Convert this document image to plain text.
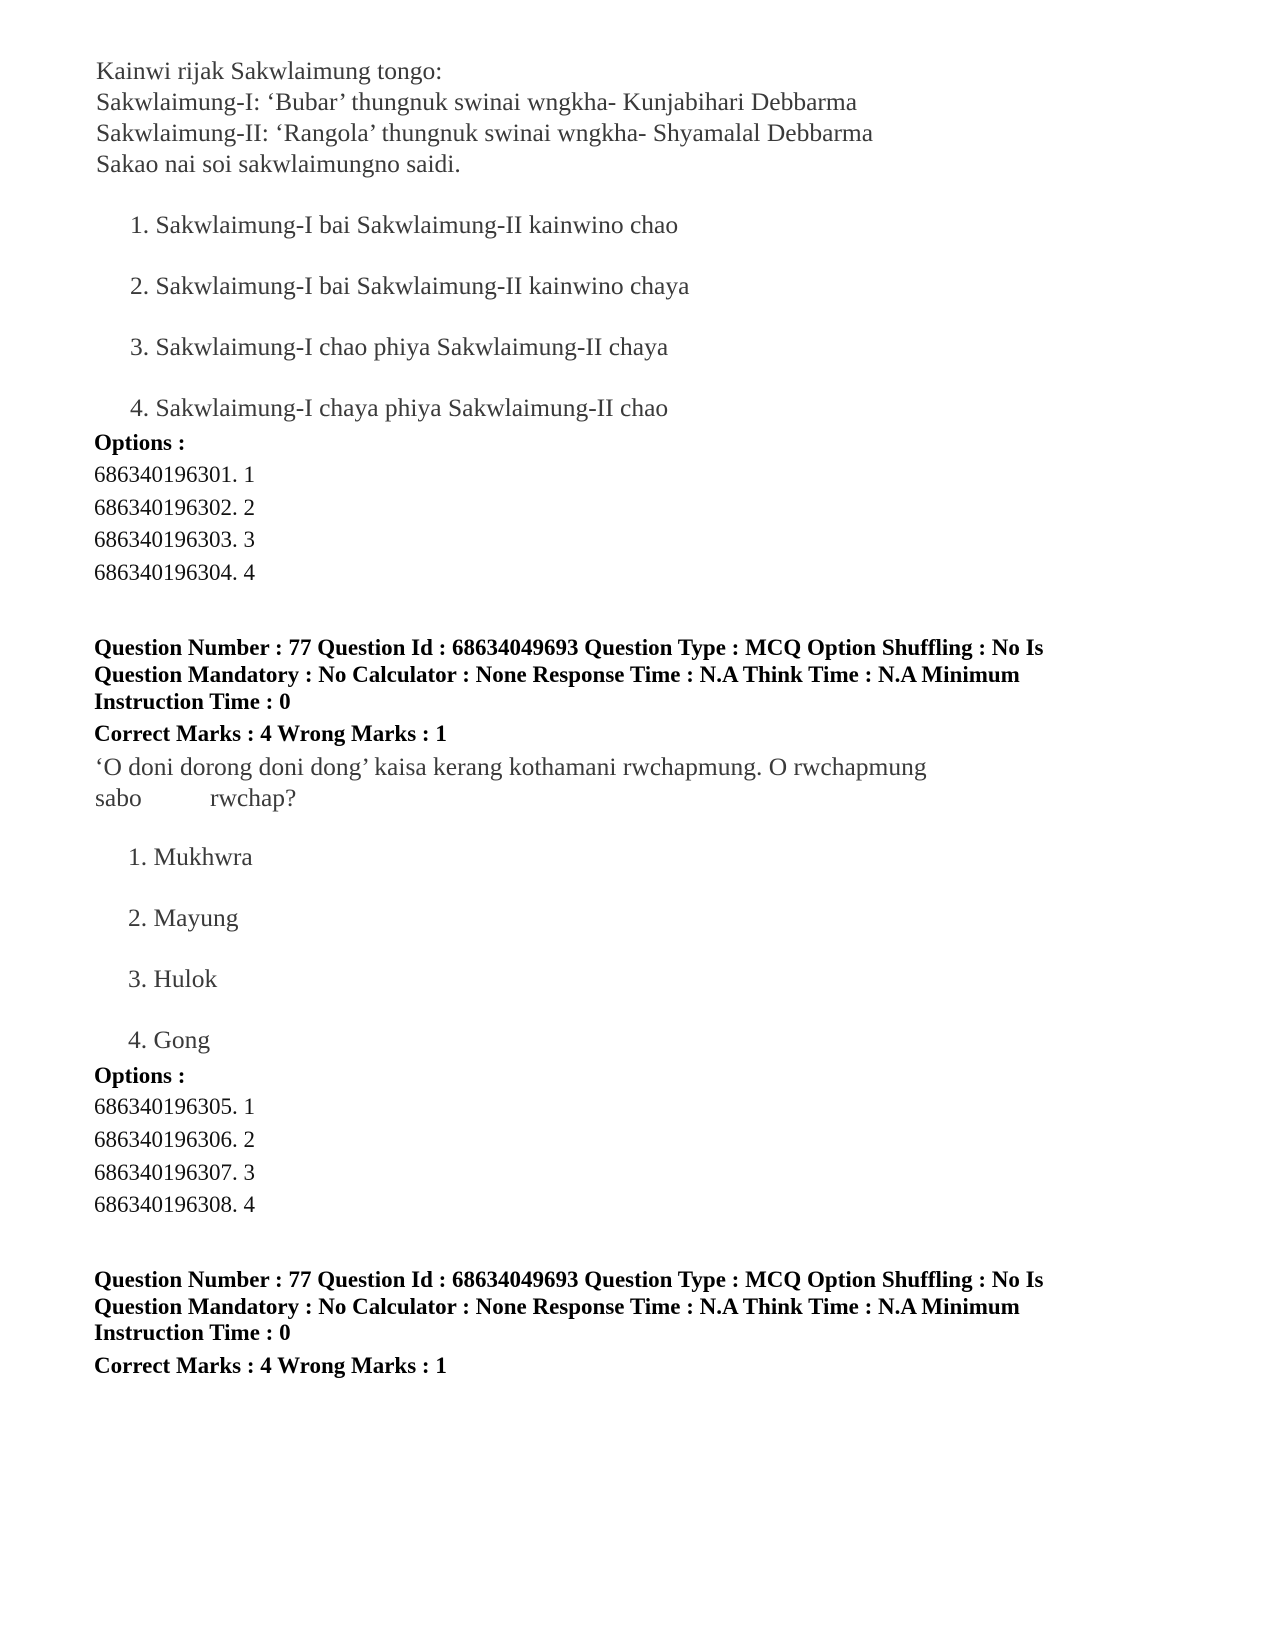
Kainwi rijak Sakwlaimung tongo:
Sakwlaimung-I: ‘Bubar’ thungnuk swinai wngkha- Kunjabihari Debbarma
Sakwlaimung-II: ‘Rangola’ thungnuk swinai wngkha- Shyamalal Debbarma
Sakao nai soi sakwlaimungno saidi.
1. Sakwlaimung-I bai Sakwlaimung-II kainwino chao
2. Sakwlaimung-I bai Sakwlaimung-II kainwino chaya
3. Sakwlaimung-I chao phiya Sakwlaimung-II chaya
4. Sakwlaimung-I chaya phiya Sakwlaimung-II chao
Options :
686340196301. 1
686340196302. 2
686340196303. 3
686340196304. 4
Question Number : 77 Question Id : 68634049693 Question Type : MCQ Option Shuffling : No Is
Question Mandatory : No Calculator : None Response Time : N.A Think Time : N.A Minimum
Instruction Time : 0
Correct Marks : 4 Wrong Marks : 1
‘O doni dorong doni dong’ kaisa kerang kothamani rwchapmung. O rwchapmung
sabo	rwchap?
1. Mukhwra
2. Mayung
3. Hulok
4. Gong
Options :
686340196305. 1
686340196306. 2
686340196307. 3
686340196308. 4
Question Number : 77 Question Id : 68634049693 Question Type : MCQ Option Shuffling : No Is
Question Mandatory : No Calculator : None Response Time : N.A Think Time : N.A Minimum
Instruction Time : 0
Correct Marks : 4 Wrong Marks : 1
